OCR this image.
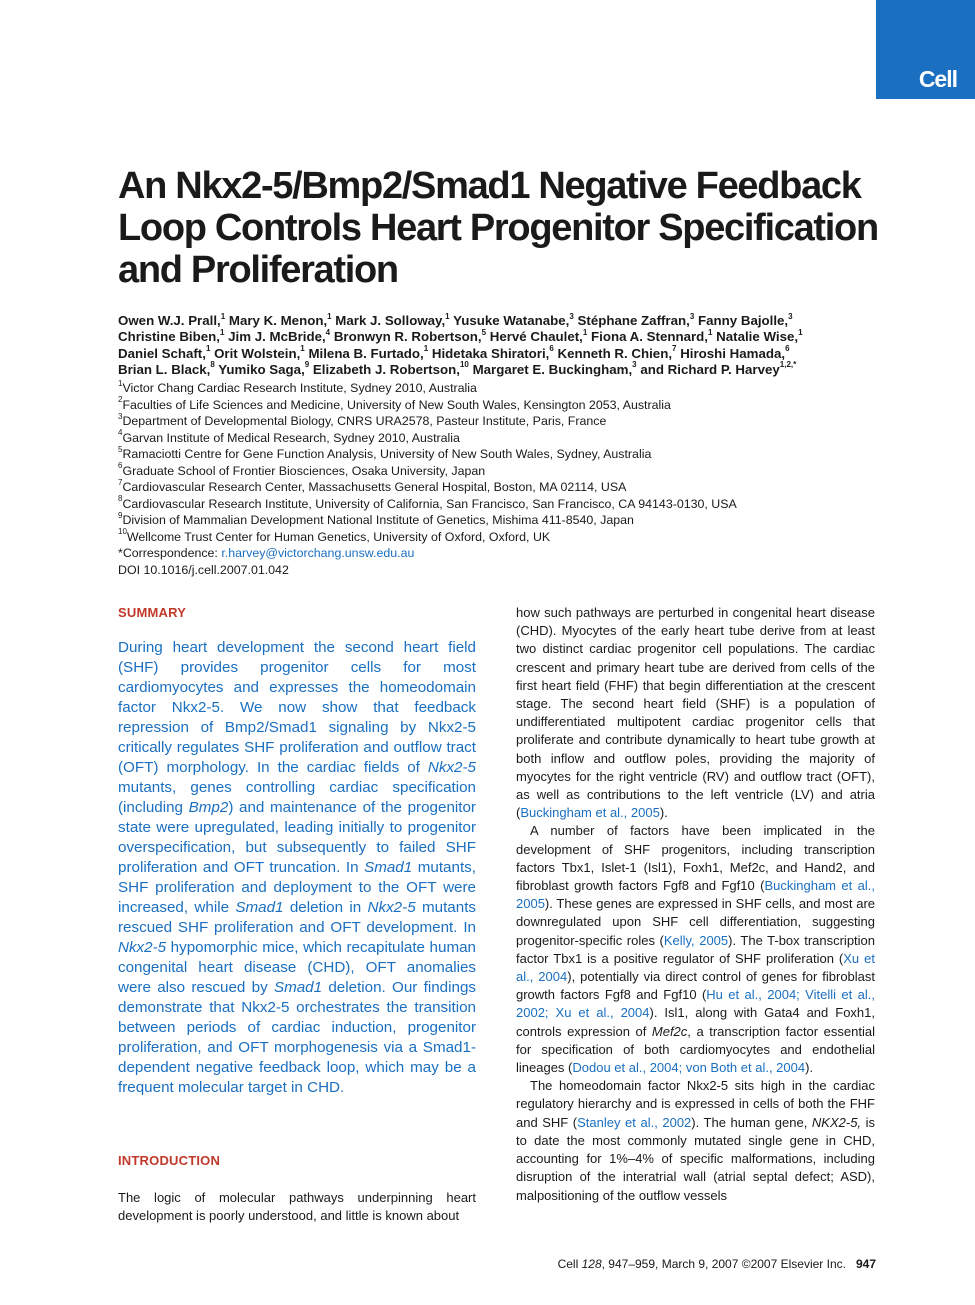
Cell
An Nkx2-5/Bmp2/Smad1 Negative Feedback Loop Controls Heart Progenitor Specification and Proliferation
Owen W.J. Prall,$^1$ Mary K. Menon,$^1$ Mark J. Solloway,$^1$ Yusuke Watanabe,$^3$ Stéphane Zaffran,$^3$ Fanny Bajolle,$^3$ Christine Biben,$^1$ Jim J. McBride,$^4$ Bronwyn R. Robertson,$^5$ Hervé Chaulet,$^1$ Fiona A. Stennard,$^1$ Natalie Wise,$^1$ Daniel Schaft,$^1$ Orit Wolstein,$^1$ Milena B. Furtado,$^1$ Hidetaka Shiratori,$^6$ Kenneth R. Chien,$^7$ Hiroshi Hamada,$^6$ Brian L. Black,$^8$ Yumiko Saga,$^9$ Elizabeth J. Robertson,$^{10}$ Margaret E. Buckingham,$^3$ and Richard P. Harvey$^{1,2,*}$
$^1$Victor Chang Cardiac Research Institute, Sydney 2010, Australia
$^2$Faculties of Life Sciences and Medicine, University of New South Wales, Kensington 2053, Australia
$^3$Department of Developmental Biology, CNRS URA2578, Pasteur Institute, Paris, France
$^4$Garvan Institute of Medical Research, Sydney 2010, Australia
$^5$Ramaciotti Centre for Gene Function Analysis, University of New South Wales, Sydney, Australia
$^6$Graduate School of Frontier Biosciences, Osaka University, Japan
$^7$Cardiovascular Research Center, Massachusetts General Hospital, Boston, MA 02114, USA
$^8$Cardiovascular Research Institute, University of California, San Francisco, San Francisco, CA 94143-0130, USA
$^9$Division of Mammalian Development National Institute of Genetics, Mishima 411-8540, Japan
$^{10}$Wellcome Trust Center for Human Genetics, University of Oxford, Oxford, UK
*Correspondence: r.harvey@victorchang.unsw.edu.au
DOI 10.1016/j.cell.2007.01.042
SUMMARY
During heart development the second heart field (SHF) provides progenitor cells for most cardiomyocytes and expresses the homeodomain factor Nkx2-5. We now show that feedback repression of Bmp2/Smad1 signaling by Nkx2-5 critically regulates SHF proliferation and outflow tract (OFT) morphology. In the cardiac fields of Nkx2-5 mutants, genes controlling cardiac specification (including Bmp2) and maintenance of the progenitor state were upregulated, leading initially to progenitor overspecification, but subsequently to failed SHF proliferation and OFT truncation. In Smad1 mutants, SHF proliferation and deployment to the OFT were increased, while Smad1 deletion in Nkx2-5 mutants rescued SHF proliferation and OFT development. In Nkx2-5 hypomorphic mice, which recapitulate human congenital heart disease (CHD), OFT anomalies were also rescued by Smad1 deletion. Our findings demonstrate that Nkx2-5 orchestrates the transition between periods of cardiac induction, progenitor proliferation, and OFT morphogenesis via a Smad1-dependent negative feedback loop, which may be a frequent molecular target in CHD.
INTRODUCTION
The logic of molecular pathways underpinning heart development is poorly understood, and little is known about

how such pathways are perturbed in congenital heart disease (CHD). Myocytes of the early heart tube derive from at least two distinct cardiac progenitor cell populations. The cardiac crescent and primary heart tube are derived from cells of the first heart field (FHF) that begin differentiation at the crescent stage. The second heart field (SHF) is a population of undifferentiated multipotent cardiac progenitor cells that proliferate and contribute dynamically to heart tube growth at both inflow and outflow poles, providing the majority of myocytes for the right ventricle (RV) and outflow tract (OFT), as well as contributions to the left ventricle (LV) and atria (Buckingham et al., 2005).

A number of factors have been implicated in the development of SHF progenitors, including transcription factors Tbx1, Islet-1 (Isl1), Foxh1, Mef2c, and Hand2, and fibroblast growth factors Fgf8 and Fgf10 (Buckingham et al., 2005). These genes are expressed in SHF cells, and most are downregulated upon SHF cell differentiation, suggesting progenitor-specific roles (Kelly, 2005). The T-box transcription factor Tbx1 is a positive regulator of SHF proliferation (Xu et al., 2004), potentially via direct control of genes for fibroblast growth factors Fgf8 and Fgf10 (Hu et al., 2004; Vitelli et al., 2002; Xu et al., 2004). Isl1, along with Gata4 and Foxh1, controls expression of Mef2c, a transcription factor essential for specification of both cardiomyocytes and endothelial lineages (Dodou et al., 2004; von Both et al., 2004).

The homeodomain factor Nkx2-5 sits high in the cardiac regulatory hierarchy and is expressed in cells of both the FHF and SHF (Stanley et al., 2002). The human gene, NKX2-5, is to date the most commonly mutated single gene in CHD, accounting for 1%–4% of specific malformations, including disruption of the interatrial wall (atrial septal defect; ASD), malpositioning of the outflow vessels

Cell 128, 947–959, March 9, 2007 ©2007 Elsevier Inc. 947
